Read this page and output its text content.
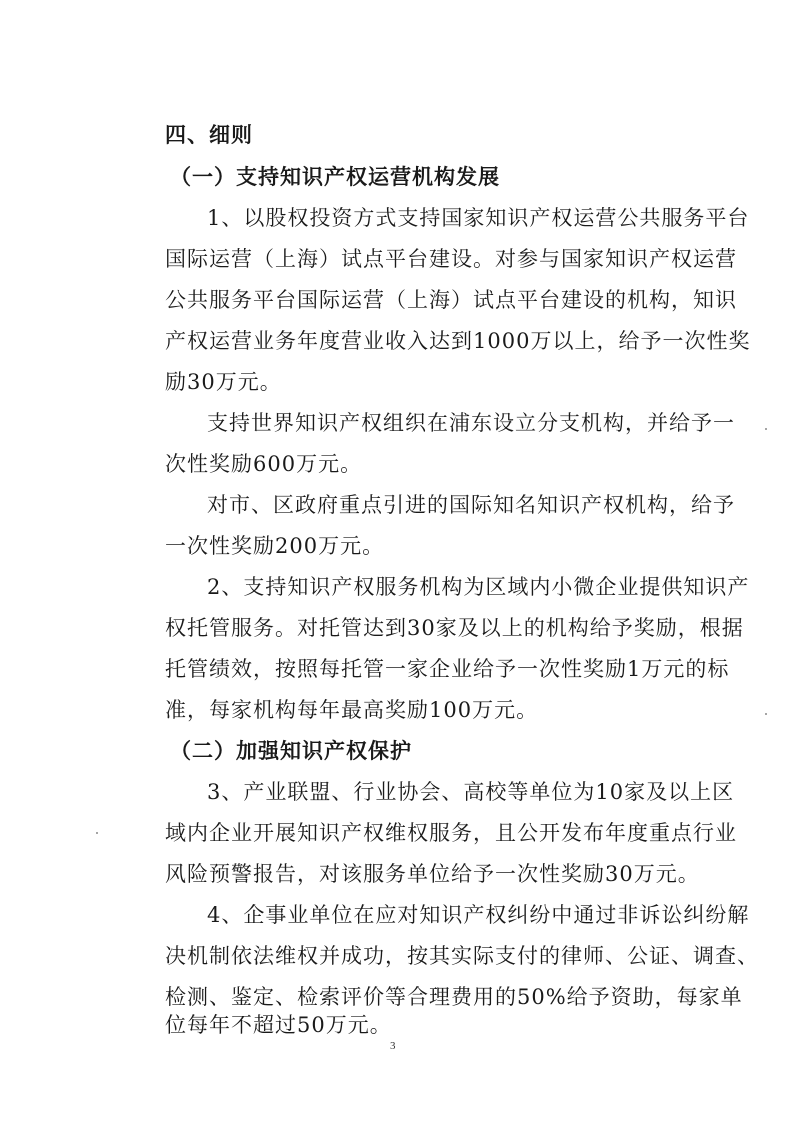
四、细则
（一）支持知识产权运营机构发展
1、以股权投资方式支持国家知识产权运营公共服务平台
国际运营（上海）试点平台建设。对参与国家知识产权运营
公共服务平台国际运营（上海）试点平台建设的机构，知识
产权运营业务年度营业收入达到1000万以上，给予一次性奖
励30万元。
支持世界知识产权组织在浦东设立分支机构，并给予一
次性奖励600万元。
对市、区政府重点引进的国际知名知识产权机构，给予
一次性奖励200万元。
2、支持知识产权服务机构为区域内小微企业提供知识产
权托管服务。对托管达到30家及以上的机构给予奖励，根据
托管绩效，按照每托管一家企业给予一次性奖励1万元的标
准，每家机构每年最高奖励100万元。
（二）加强知识产权保护
3、产业联盟、行业协会、高校等单位为10家及以上区
域内企业开展知识产权维权服务，且公开发布年度重点行业
风险预警报告，对该服务单位给予一次性奖励30万元。
4、企事业单位在应对知识产权纠纷中通过非诉讼纠纷解
决机制依法维权并成功，按其实际支付的律师、公证、调查、
检测、鉴定、检索评价等合理费用的50%给予资助，每家单
位每年不超过50万元。
3
